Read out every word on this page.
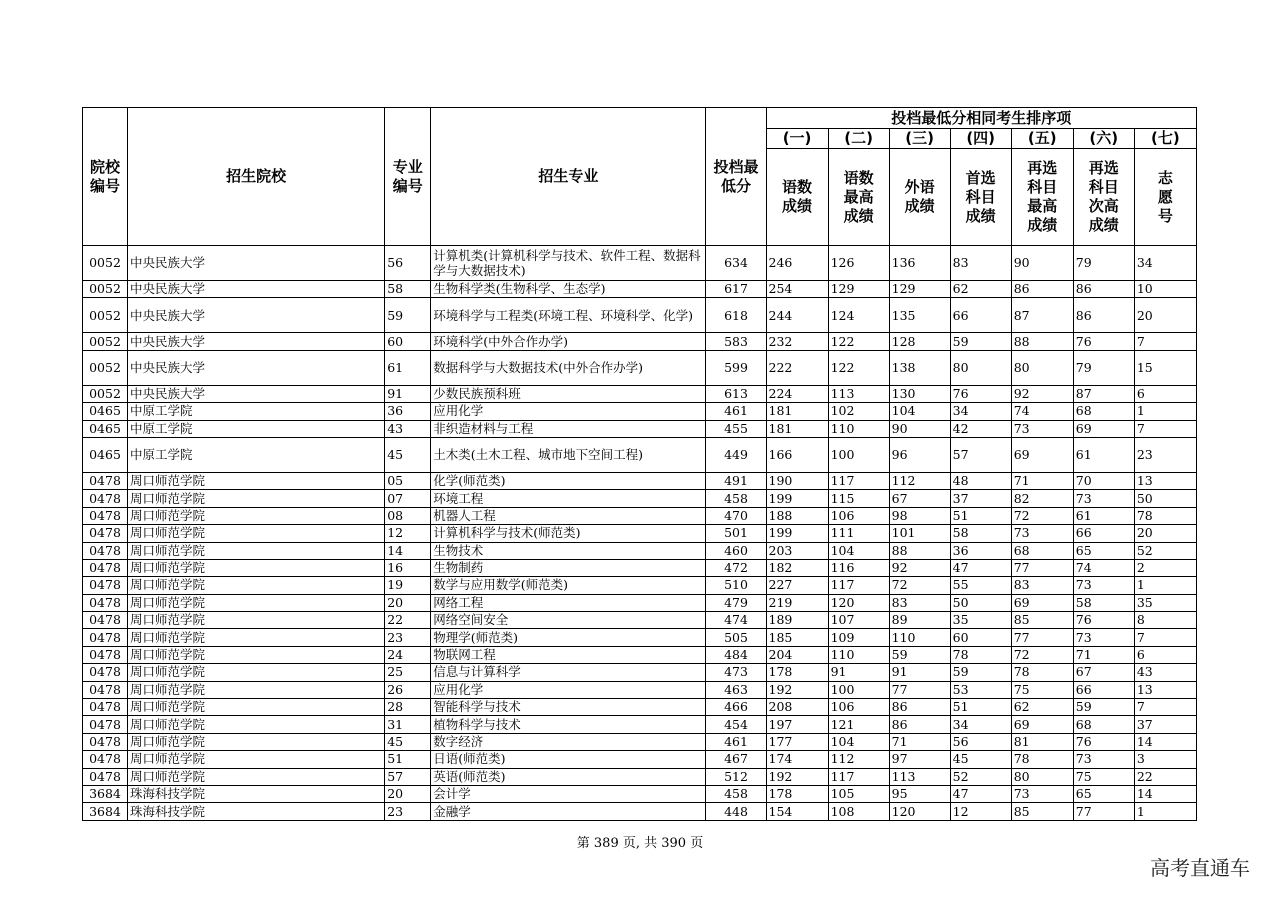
院校编号	招生院校	专业编号	招生专业	投档最低分	投档最低分相同考生排序项						
					(一)	(二)	(三)	(四)	(五)	(六)	(七)
					语数成绩	语数最高成绩	外语成绩	首选科目成绩	再选科目最高成绩	再选科目次高成绩	志愿号
0052	中央民族大学	56	计算机类(计算机科学与技术、软件工程、数据科学与大数据技术)	634	246	126	136	83	90	79	34
0052	中央民族大学	58	生物科学类(生物科学、生态学)	617	254	129	129	62	86	86	10
0052	中央民族大学	59	环境科学与工程类(环境工程、环境科学、化学)	618	244	124	135	66	87	86	20
0052	中央民族大学	60	环境科学(中外合作办学)	583	232	122	128	59	88	76	7
0052	中央民族大学	61	数据科学与大数据技术(中外合作办学)	599	222	122	138	80	80	79	15
0052	中央民族大学	91	少数民族预科班	613	224	113	130	76	92	87	6
0465	中原工学院	36	应用化学	461	181	102	104	34	74	68	1
0465	中原工学院	43	非织造材料与工程	455	181	110	90	42	73	69	7
0465	中原工学院	45	土木类(土木工程、城市地下空间工程)	449	166	100	96	57	69	61	23
0478	周口师范学院	05	化学(师范类)	491	190	117	112	48	71	70	13
0478	周口师范学院	07	环境工程	458	199	115	67	37	82	73	50
0478	周口师范学院	08	机器人工程	470	188	106	98	51	72	61	78
0478	周口师范学院	12	计算机科学与技术(师范类)	501	199	111	101	58	73	66	20
0478	周口师范学院	14	生物技术	460	203	104	88	36	68	65	52
0478	周口师范学院	16	生物制药	472	182	116	92	47	77	74	2
0478	周口师范学院	19	数学与应用数学(师范类)	510	227	117	72	55	83	73	1
0478	周口师范学院	20	网络工程	479	219	120	83	50	69	58	35
0478	周口师范学院	22	网络空间安全	474	189	107	89	35	85	76	8
0478	周口师范学院	23	物理学(师范类)	505	185	109	110	60	77	73	7
0478	周口师范学院	24	物联网工程	484	204	110	59	78	72	71	6
0478	周口师范学院	25	信息与计算科学	473	178	91	91	59	78	67	43
0478	周口师范学院	26	应用化学	463	192	100	77	53	75	66	13
0478	周口师范学院	28	智能科学与技术	466	208	106	86	51	62	59	7
0478	周口师范学院	31	植物科学与技术	454	197	121	86	34	69	68	37
0478	周口师范学院	45	数字经济	461	177	104	71	56	81	76	14
0478	周口师范学院	51	日语(师范类)	467	174	112	97	45	78	73	3
0478	周口师范学院	57	英语(师范类)	512	192	117	113	52	80	75	22
3684	珠海科技学院	20	会计学	458	178	105	95	47	73	65	14
3684	珠海科技学院	23	金融学	448	154	108	120	12	85	77	1
第 389 页, 共 390 页
高考直通车
